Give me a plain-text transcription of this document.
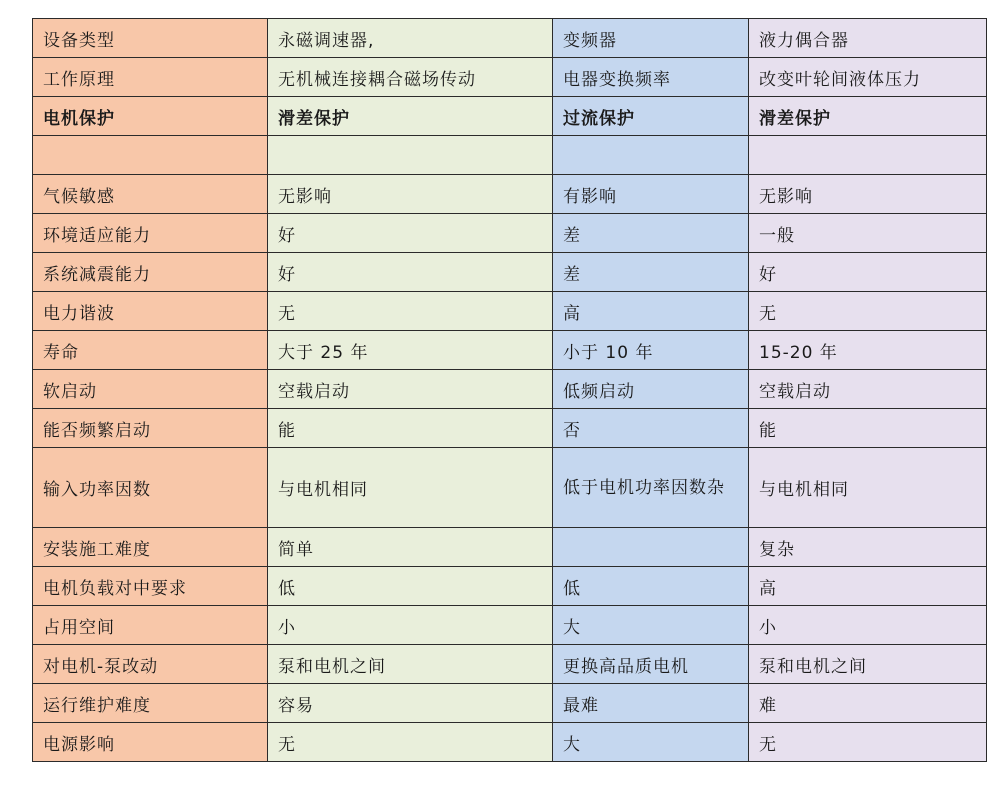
设备类型	永磁调速器,	变频器	液力偶合器
工作原理	无机械连接耦合磁场传动	电器变换频率	改变叶轮间液体压力
电机保护	滑差保护	过流保护	滑差保护

气候敏感	无影响	有影响	无影响
环境适应能力	好	差	一般
系统减震能力	好	差	好
电力谐波	无	高	无
寿命	大于 25 年	小于 10 年	15-20 年
软启动	空载启动	低频启动	空载启动
能否频繁启动	能	否	能
输入功率因数	与电机相同	低于电机功率因数杂	与电机相同
安装施工难度	简单		复杂
电机负载对中要求	低	低	高
占用空间	小	大	小
对电机-泵改动	泵和电机之间	更换高品质电机	泵和电机之间
运行维护难度	容易	最难	难
电源影响	无	大	无
